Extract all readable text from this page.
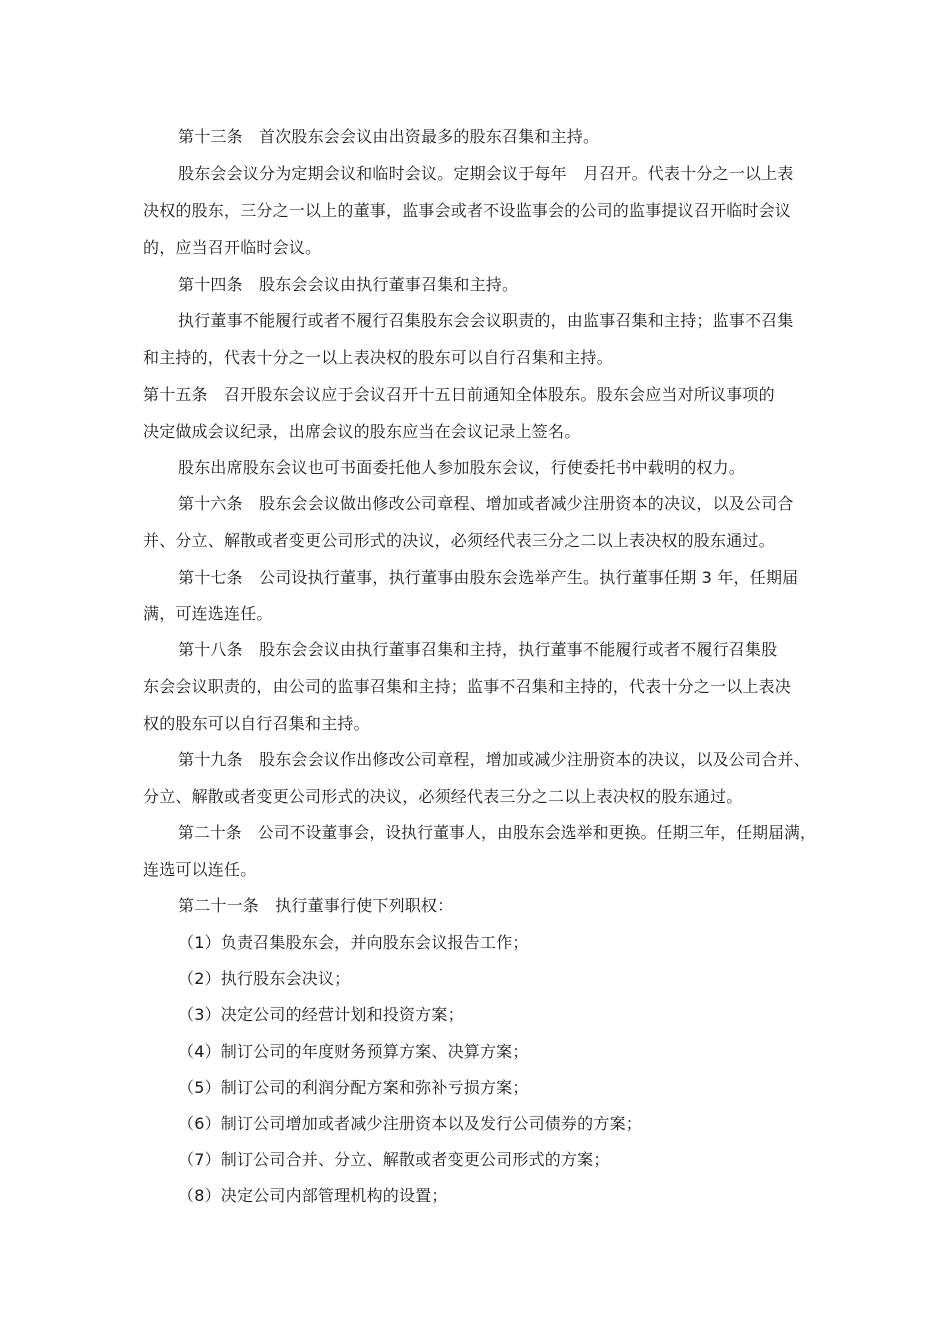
第十三条　首次股东会会议由出资最多的股东召集和主持。
股东会会议分为定期会议和临时会议。定期会议于每年　月召开。代表十分之一以上表
决权的股东，三分之一以上的董事，监事会或者不设监事会的公司的监事提议召开临时会议
的，应当召开临时会议。
第十四条　股东会会议由执行董事召集和主持。
执行董事不能履行或者不履行召集股东会会议职责的，由监事召集和主持；监事不召集
和主持的，代表十分之一以上表决权的股东可以自行召集和主持。
第十五条　召开股东会议应于会议召开十五日前通知全体股东。股东会应当对所议事项的
决定做成会议纪录，出席会议的股东应当在会议记录上签名。
股东出席股东会议也可书面委托他人参加股东会议，行使委托书中载明的权力。
第十六条　股东会会议做出修改公司章程、增加或者减少注册资本的决议，以及公司合
并、分立、解散或者变更公司形式的决议，必须经代表三分之二以上表决权的股东通过。
第十七条　公司设执行董事，执行董事由股东会选举产生。执行董事任期 3 年，任期届
满，可连选连任。
第十八条　股东会会议由执行董事召集和主持，执行董事不能履行或者不履行召集股
东会会议职责的，由公司的监事召集和主持；监事不召集和主持的，代表十分之一以上表决
权的股东可以自行召集和主持。
第十九条　股东会会议作出修改公司章程，增加或减少注册资本的决议，以及公司合并、
分立、解散或者变更公司形式的决议，必须经代表三分之二以上表决权的股东通过。
第二十条　公司不设董事会，设执行董事人，由股东会选举和更换。任期三年，任期届满，
连选可以连任。
第二十一条　执行董事行使下列职权：
（1）负责召集股东会，并向股东会议报告工作；
（2）执行股东会决议；
（3）决定公司的经营计划和投资方案；
（4）制订公司的年度财务预算方案、决算方案；
（5）制订公司的利润分配方案和弥补亏损方案；
（6）制订公司增加或者减少注册资本以及发行公司债券的方案；
（7）制订公司合并、分立、解散或者变更公司形式的方案；
（8）决定公司内部管理机构的设置；
